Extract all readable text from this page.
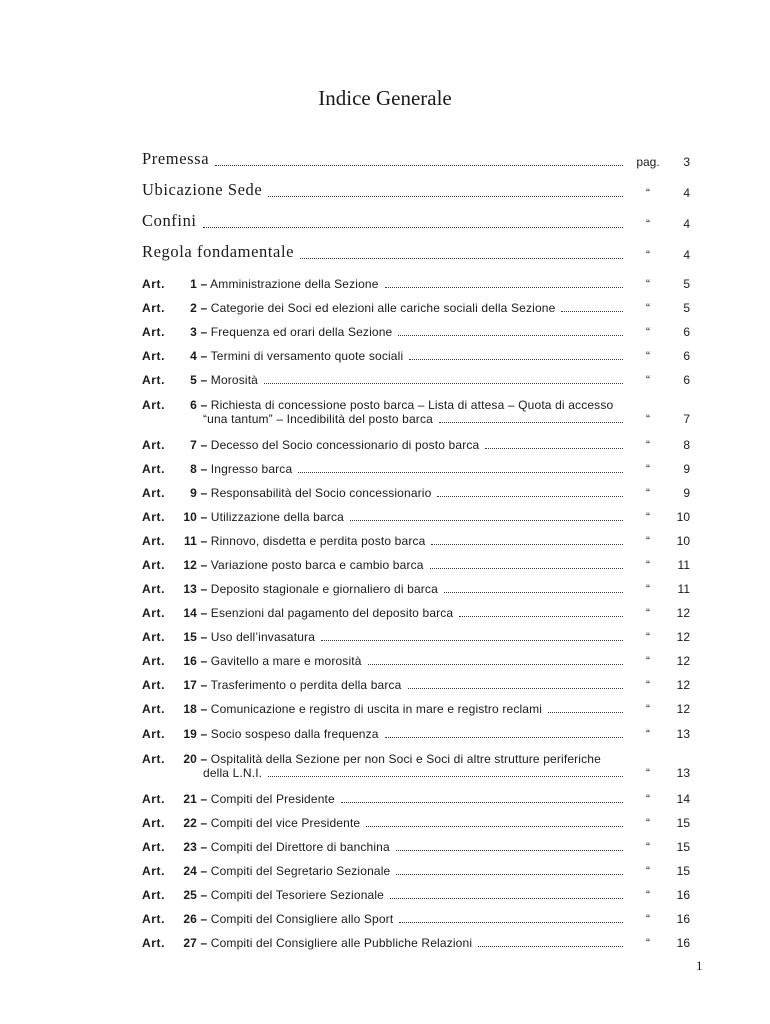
Indice Generale
Premessa	pag.	3
Ubicazione Sede	“	4
Confini	“	4
Regola fondamentale	“	4
Art. 1 – Amministrazione della Sezione	“	5
Art. 2 – Categorie dei Soci ed elezioni alle cariche sociali della Sezione	“	5
Art. 3 – Frequenza ed orari della Sezione	“	6
Art. 4 – Termini di versamento quote sociali	“	6
Art. 5 – Morosità	“	6
Art. 6 – Richiesta di concessione posto barca – Lista di attesa – Quota di accesso
“una tantum” – Incedibilità del posto barca	“	7
Art. 7 – Decesso del Socio concessionario di posto barca	“	8
Art. 8 – Ingresso barca	“	9
Art. 9 – Responsabilità del Socio concessionario	“	9
Art. 10 – Utilizzazione della barca	“	10
Art. 11 – Rinnovo, disdetta e perdita posto barca	“	10
Art. 12 – Variazione posto barca e cambio barca	“	11
Art. 13 – Deposito stagionale e giornaliero di barca	“	11
Art. 14 – Esenzioni dal pagamento del deposito barca	“	12
Art. 15 – Uso dell’invasatura	“	12
Art. 16 – Gavitello a mare e morosità	“	12
Art. 17 – Trasferimento o perdita della barca	“	12
Art. 18 – Comunicazione e registro di uscita in mare e registro reclami	“	12
Art. 19 – Socio sospeso dalla frequenza	“	13
Art. 20 – Ospitalità della Sezione per non Soci e Soci di altre strutture periferiche
della L.N.I.	“	13
Art. 21 – Compiti del Presidente	“	14
Art. 22 – Compiti del vice Presidente	“	15
Art. 23 – Compiti del Direttore di banchina	“	15
Art. 24 – Compiti del Segretario Sezionale	“	15
Art. 25 – Compiti del Tesoriere Sezionale	“	16
Art. 26 – Compiti del Consigliere allo Sport	“	16
Art. 27 – Compiti del Consigliere alle Pubbliche Relazioni	“	16
1
